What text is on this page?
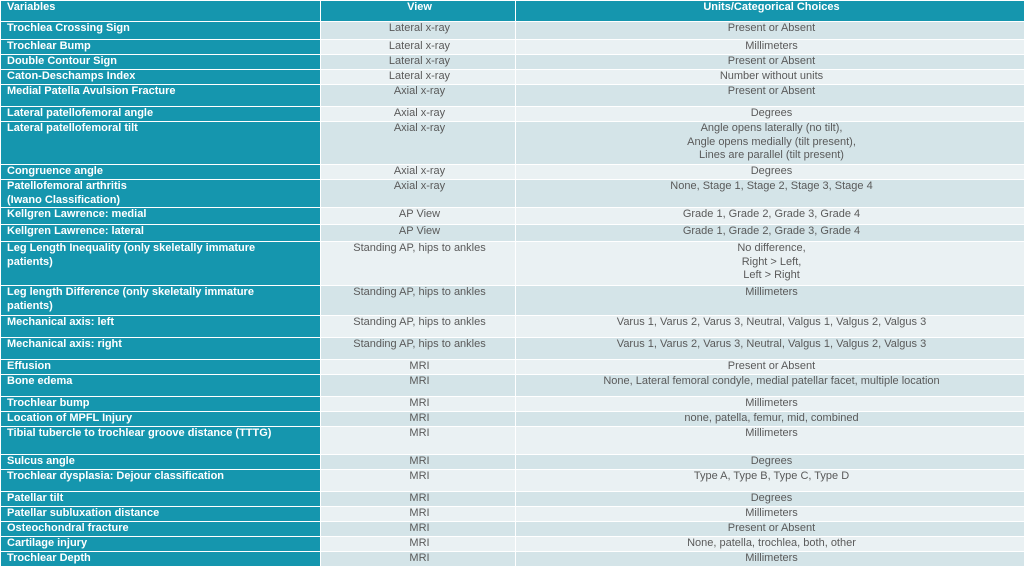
Variables	View	Units/Categorical Choices
Trochlea Crossing Sign	Lateral x-ray	Present or Absent
Trochlear Bump	Lateral x-ray	Millimeters
Double Contour Sign	Lateral x-ray	Present or Absent
Caton-Deschamps Index	Lateral x-ray	Number without units
Medial Patella Avulsion Fracture	Axial x-ray	Present or Absent
Lateral patellofemoral angle	Axial x-ray	Degrees
Lateral patellofemoral tilt	Axial x-ray	Angle opens laterally (no tilt),
Angle opens medially (tilt present),
Lines are parallel (tilt present)
Congruence angle	Axial x-ray	Degrees
Patellofemoral arthritis
(Iwano Classification)	Axial x-ray	None, Stage 1, Stage 2, Stage 3, Stage 4
Kellgren Lawrence: medial	AP View	Grade 1, Grade 2, Grade 3, Grade 4
Kellgren Lawrence: lateral	AP View	Grade 1, Grade 2, Grade 3, Grade 4
Leg Length Inequality (only skeletally immature
patients)	Standing AP, hips to ankles	No difference,
Right > Left,
Left > Right
Leg length Difference (only skeletally immature
patients)	Standing AP, hips to ankles	Millimeters
Mechanical axis: left	Standing AP, hips to ankles	Varus 1, Varus 2, Varus 3, Neutral, Valgus 1, Valgus 2, Valgus 3
Mechanical axis: right	Standing AP, hips to ankles	Varus 1, Varus 2, Varus 3, Neutral, Valgus 1, Valgus 2, Valgus 3
Effusion	MRI	Present or Absent
Bone edema	MRI	None, Lateral femoral condyle, medial patellar facet, multiple location
Trochlear bump	MRI	Millimeters
Location of MPFL Injury	MRI	none, patella, femur, mid, combined
Tibial tubercle to trochlear groove distance (TTTG)	MRI	Millimeters
Sulcus angle	MRI	Degrees
Trochlear dysplasia: Dejour classification	MRI	Type A, Type B, Type C, Type D
Patellar tilt	MRI	Degrees
Patellar subluxation distance	MRI	Millimeters
Osteochondral fracture	MRI	Present or Absent
Cartilage injury	MRI	None, patella, trochlea, both, other
Trochlear Depth	MRI	Millimeters
